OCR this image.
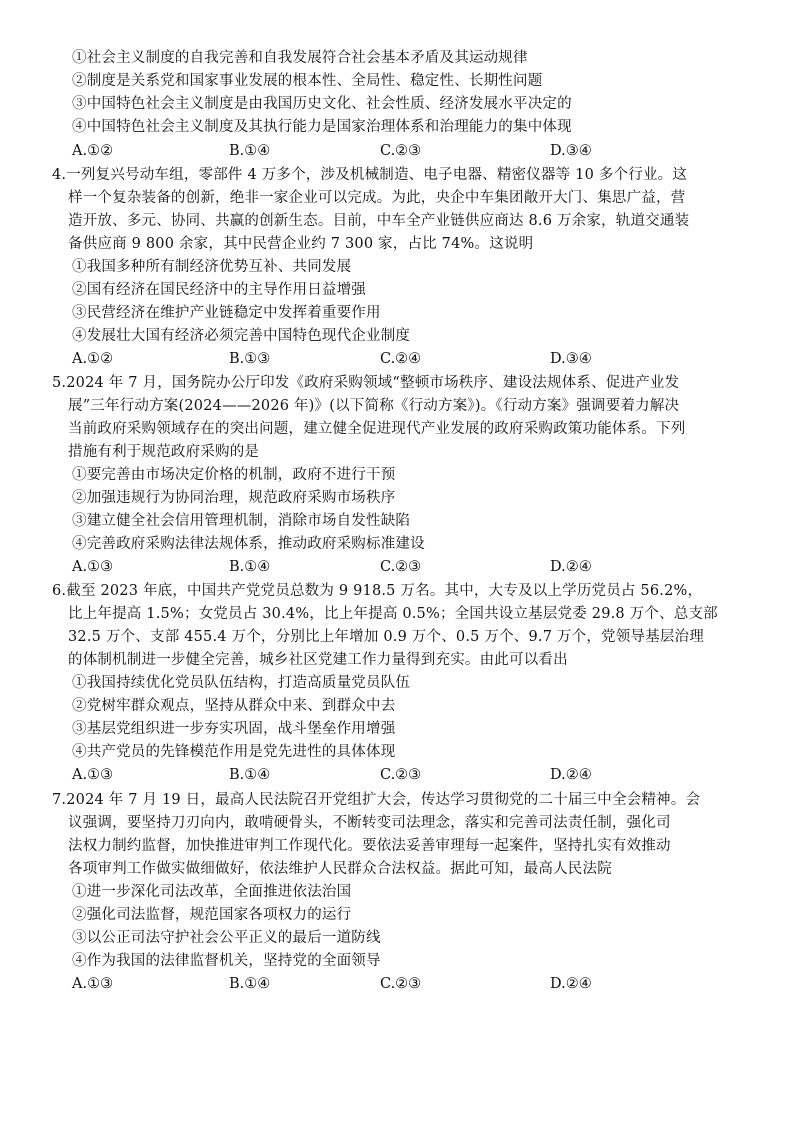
①社会主义制度的自我完善和自我发展符合社会基本矛盾及其运动规律
②制度是关系党和国家事业发展的根本性、全局性、稳定性、长期性问题
③中国特色社会主义制度是由我国历史文化、社会性质、经济发展水平决定的
④中国特色社会主义制度及其执行能力是国家治理体系和治理能力的集中体现
A.①②	B.①④	C.②③	D.③④
4.一列复兴号动车组，零部件 4 万多个，涉及机械制造、电子电器、精密仪器等 10 多个行业。这
样一个复杂装备的创新，绝非一家企业可以完成。为此，央企中车集团敞开大门、集思广益，营
造开放、多元、协同、共赢的创新生态。目前，中车全产业链供应商达 8.6 万余家，轨道交通装
备供应商 9 800 余家，其中民营企业约 7 300 家，占比 74%。这说明
①我国多种所有制经济优势互补、共同发展
②国有经济在国民经济中的主导作用日益增强
③民营经济在维护产业链稳定中发挥着重要作用
④发展壮大国有经济必须完善中国特色现代企业制度
A.①②	B.①③	C.②④	D.③④
5.2024 年 7 月，国务院办公厅印发《政府采购领域“整顿市场秩序、建设法规体系、促进产业发
展”三年行动方案(2024——2026 年)》(以下简称《行动方案》)。《行动方案》强调要着力解决
当前政府采购领域存在的突出问题，建立健全促进现代产业发展的政府采购政策功能体系。下列
措施有利于规范政府采购的是
①要完善由市场决定价格的机制，政府不进行干预
②加强违规行为协同治理，规范政府采购市场秩序
③建立健全社会信用管理机制，消除市场自发性缺陷
④完善政府采购法律法规体系，推动政府采购标准建设
A.①③	B.①④	C.②③	D.②④
6.截至 2023 年底，中国共产党党员总数为 9 918.5 万名。其中，大专及以上学历党员占 56.2%，
比上年提高 1.5%；女党员占 30.4%，比上年提高 0.5%；全国共设立基层党委 29.8 万个、总支部
32.5 万个、支部 455.4 万个，分别比上年增加 0.9 万个、0.5 万个、9.7 万个，党领导基层治理
的体制机制进一步健全完善，城乡社区党建工作力量得到充实。由此可以看出
①我国持续优化党员队伍结构，打造高质量党员队伍
②党树牢群众观点，坚持从群众中来、到群众中去
③基层党组织进一步夯实巩固，战斗堡垒作用增强
④共产党员的先锋模范作用是党先进性的具体体现
A.①③	B.①④	C.②③	D.②④
7.2024 年 7 月 19 日，最高人民法院召开党组扩大会，传达学习贯彻党的二十届三中全会精神。会
议强调，要坚持刀刃向内，敢啃硬骨头，不断转变司法理念，落实和完善司法责任制，强化司
法权力制约监督，加快推进审判工作现代化。要依法妥善审理每一起案件，坚持扎实有效推动
各项审判工作做实做细做好，依法维护人民群众合法权益。据此可知，最高人民法院
①进一步深化司法改革，全面推进依法治国
②强化司法监督，规范国家各项权力的运行
③以公正司法守护社会公平正义的最后一道防线
④作为我国的法律监督机关，坚持党的全面领导
A.①③	B.①④	C.②③	D.②④
